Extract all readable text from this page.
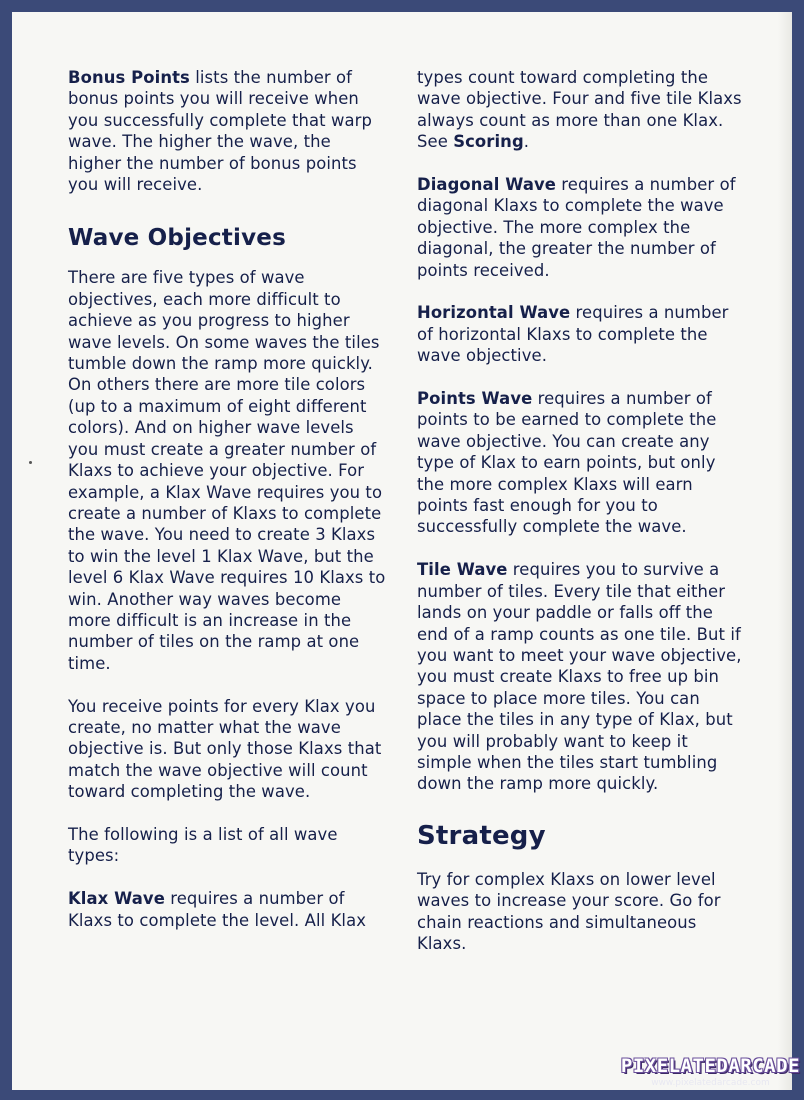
Bonus Points lists the number of bonus points you will receive when you successfully complete that warp wave. The higher the wave, the higher the number of bonus points you will receive.

Wave Objectives

There are five types of wave objectives, each more difficult to achieve as you progress to higher wave levels. On some waves the tiles tumble down the ramp more quickly. On others there are more tile colors (up to a maximum of eight different colors). And on higher wave levels you must create a greater number of Klaxs to achieve your objective. For example, a Klax Wave requires you to create a number of Klaxs to complete the wave. You need to create 3 Klaxs to win the level 1 Klax Wave, but the level 6 Klax Wave requires 10 Klaxs to win. Another way waves become more difficult is an increase in the number of tiles on the ramp at one time.

You receive points for every Klax you create, no matter what the wave objective is. But only those Klaxs that match the wave objective will count toward completing the wave.

The following is a list of all wave types:

Klax Wave requires a number of Klaxs to complete the level. All Klax

types count toward completing the wave objective. Four and five tile Klaxs always count as more than one Klax. See Scoring.

Diagonal Wave requires a number of diagonal Klaxs to complete the wave objective. The more complex the diagonal, the greater the number of points received.

Horizontal Wave requires a number of horizontal Klaxs to complete the wave objective.

Points Wave requires a number of points to be earned to complete the wave objective. You can create any type of Klax to earn points, but only the more complex Klaxs will earn points fast enough for you to successfully complete the wave.

Tile Wave requires you to survive a number of tiles. Every tile that either lands on your paddle or falls off the end of a ramp counts as one tile. But if you want to meet your wave objective, you must create Klaxs to free up bin space to place more tiles. You can place the tiles in any type of Klax, but you will probably want to keep it simple when the tiles start tumbling down the ramp more quickly.

Strategy

Try for complex Klaxs on lower level waves to increase your score. Go for chain reactions and simultaneous Klaxs.

PIXELATEDARCADE
www.pixelatedarcade.com
